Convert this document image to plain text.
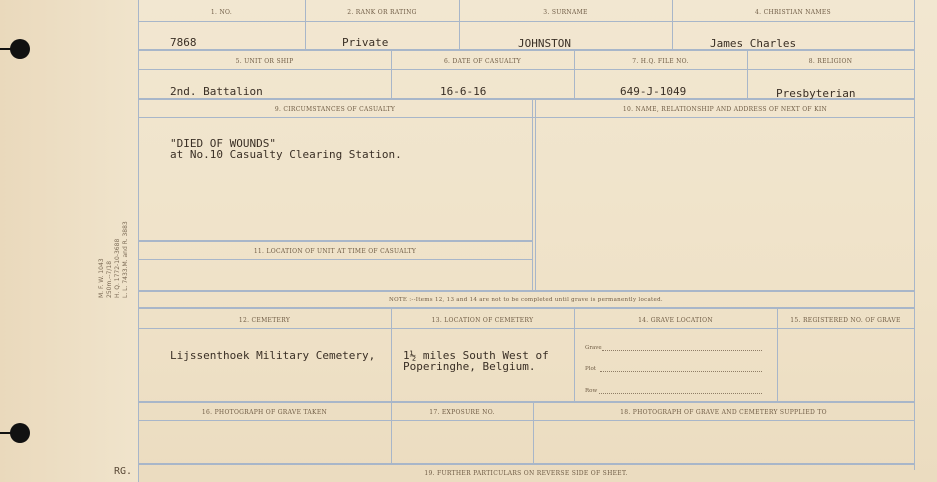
M. F. W. 1043
250m.--7/18
H. Q. 1772-10-3688
L. L. 7433.M. and R. 3883
RG.
1. NO.	2. RANK OR RATING	3. SURNAME	4. CHRISTIAN NAMES
7868	Private	JOHNSTON	James Charles
5. UNIT OR SHIP	6. DATE OF CASUALTY	7. H.Q. FILE NO.	8. RELIGION
2nd. Battalion	16-6-16	649-J-1049	Presbyterian
9. CIRCUMSTANCES OF CASUALTY	10. NAME, RELATIONSHIP AND ADDRESS OF NEXT OF KIN
"DIED OF WOUNDS"
at No.10 Casualty Clearing Station.
11. LOCATION OF UNIT AT TIME OF CASUALTY
NOTE :--Items 12, 13 and 14 are not to be completed until grave is permanently located.
12. CEMETERY	13. LOCATION OF CEMETERY	14. GRAVE LOCATION	15. REGISTERED NO. OF GRAVE
Lijssenthoek Military Cemetery,	1½ miles South West of
Poperinghe, Belgium.
Grave
Plot
Row
16. PHOTOGRAPH OF GRAVE TAKEN	17. EXPOSURE NO.	18. PHOTOGRAPH OF GRAVE AND CEMETERY SUPPLIED TO
19. FURTHER PARTICULARS ON REVERSE SIDE OF SHEET.
